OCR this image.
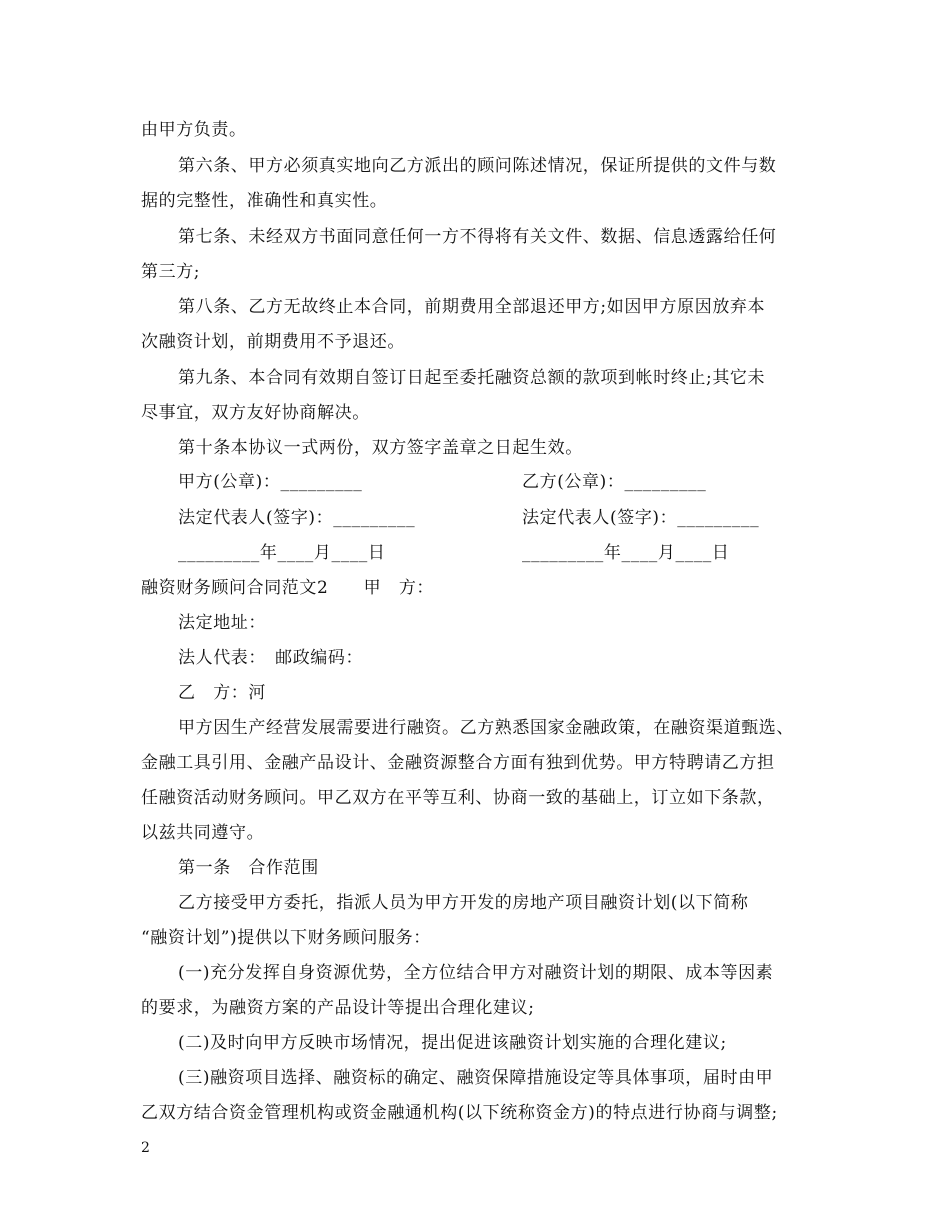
由甲方负责。
第六条、甲方必须真实地向乙方派出的顾问陈述情况，保证所提供的文件与数
据的完整性，准确性和真实性。
第七条、未经双方书面同意任何一方不得将有关文件、数据、信息透露给任何
第三方;
第八条、乙方无故终止本合同，前期费用全部退还甲方;如因甲方原因放弃本
次融资计划，前期费用不予退还。
第九条、本合同有效期自签订日起至委托融资总额的款项到帐时终止;其它未
尽事宜，双方友好协商解决。
第十条本协议一式两份，双方签字盖章之日起生效。
甲方(公章)：_________	乙方(公章)：_________
法定代表人(签字)：_________	法定代表人(签字)：_________
_________年____月____日	_________年____月____日
融资财务顾问合同范文2　　甲　方：
法定地址：
法人代表：　邮政编码：
乙　方：河
甲方因生产经营发展需要进行融资。乙方熟悉国家金融政策，在融资渠道甄选、
金融工具引用、金融产品设计、金融资源整合方面有独到优势。甲方特聘请乙方担
任融资活动财务顾问。甲乙双方在平等互利、协商一致的基础上，订立如下条款，
以兹共同遵守。
第一条　合作范围
乙方接受甲方委托，指派人员为甲方开发的房地产项目融资计划(以下简称
“融资计划”)提供以下财务顾问服务：
(一)充分发挥自身资源优势，全方位结合甲方对融资计划的期限、成本等因素
的要求，为融资方案的产品设计等提出合理化建议;
(二)及时向甲方反映市场情况，提出促进该融资计划实施的合理化建议;
(三)融资项目选择、融资标的确定、融资保障措施设定等具体事项，届时由甲
乙双方结合资金管理机构或资金融通机构(以下统称资金方)的特点进行协商与调整;
2
